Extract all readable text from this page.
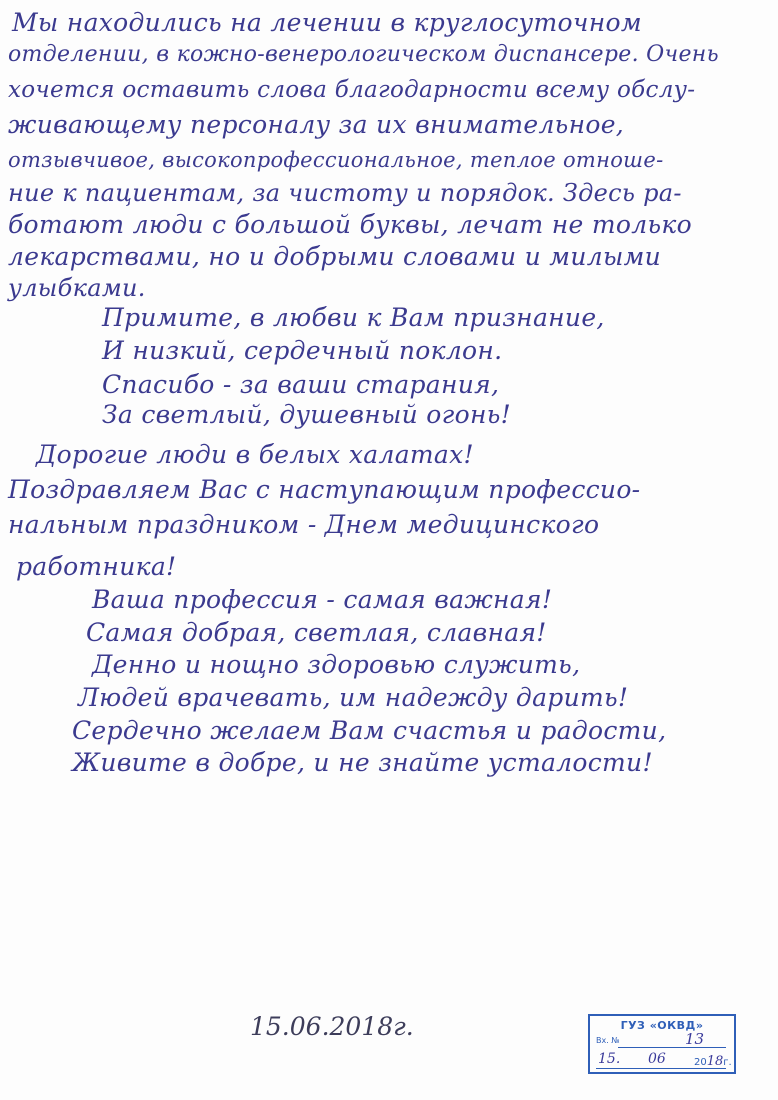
Мы находились на лечении в круглосуточном
отделении, в кожно-венерологическом диспансере. Очень
хочется оставить слова благодарности всему обслу-
живающему персоналу за их внимательное,
отзывчивое, высокопрофессиональное, теплое отноше-
ние к пациентам, за чистоту и порядок. Здесь ра-
ботают люди с большой буквы, лечат не только
лекарствами, но и добрыми словами и милыми
улыбками.
Примите, в любви к Вам признание,
И низкий, сердечный поклон.
Спасибо - за ваши старания,
За светлый, душевный огонь!
Дорогие люди в белых халатах!
Поздравляем Вас с наступающим профессио-
нальным праздником - Днем медицинского
работника!
Ваша профессия - самая важная!
Самая добрая, светлая, славная!
Денно и нощно здоровью служить,
Людей врачевать, им надежду дарить!
Сердечно желаем Вам счастья и радости,
Живите в добре, и не знайте усталости!
15.06.2018г.	ГУЗ «ОКВД»
Вх. №	13
15. 06	2018г.
